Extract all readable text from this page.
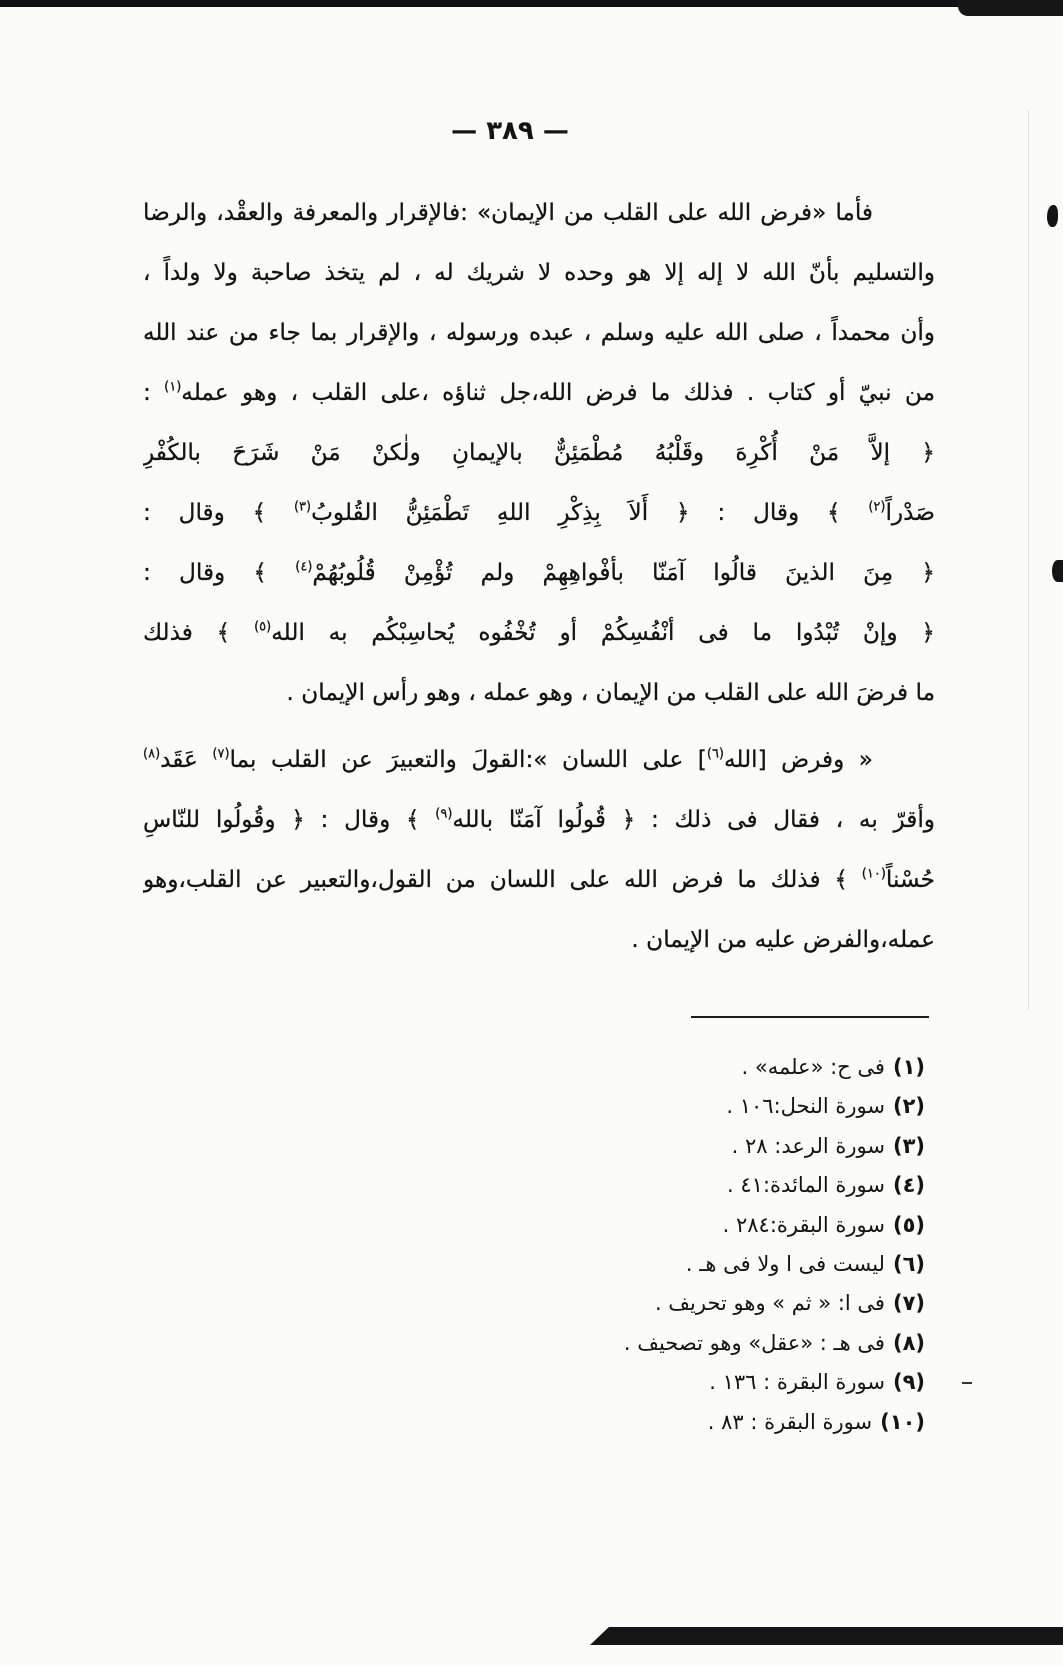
— ٣٨٩ —
فأما «فرض الله على القلب من الإيمان» :فالإقرار والمعرفة والعقْد، والرضا
والتسليم بأنّ الله لا إله إلا هو وحده لا شريك له ، لم يتخذ صاحبة ولا ولداً ،
وأن محمداً ، صلى الله عليه وسلم ، عبده ورسوله ، والإقرار بما جاء من عند الله
من نبيّ أو كتاب . فذلك ما فرض الله،جل ثناؤه ،على القلب ، وهو عمله$^{(١)}$ :
﴿ إلاَّ مَنْ أُكْرِهَ وقَلْبُهُ مُطْمَئِنٌّ بالإيمانِ ولٰكنْ مَنْ شَرَحَ بالكُفْرِ
صَدْراً$^{(٢)}$ ﴾ وقال : ﴿ أَلاَ بِذِكْرِ اللهِ تَطْمَئِنُّ القُلوبُ$^{(٣)}$ ﴾ وقال :
﴿ مِنَ الذينَ قالُوا آمَنّا بأفْواهِهِمْ ولم تُؤْمِنْ قُلُوبُهُمْ$^{(٤)}$ ﴾ وقال :
﴿ وإنْ تُبْدُوا ما فى أنْفُسِكُمْ أو تُخْفُوه يُحاسِبْكُم به الله$^{(٥)}$ ﴾ فذلك
ما فرضَ الله على القلب من الإيمان ، وهو عمله ، وهو رأس الإيمان .
« وفرض [الله$^{(٦)}$] على اللسان »:القولَ والتعبيرَ عن القلب بما$^{(٧)}$ عَقَد$^{(٨)}$
وأقرّ به ، فقال فى ذلك : ﴿ قُولُوا آمَنّا بالله$^{(٩)}$ ﴾ وقال : ﴿ وقُولُوا للنّاسِ
حُسْناً$^{(١٠)}$ ﴾ فذلك ما فرض الله على اللسان من القول،والتعبير عن القلب،وهو
عمله،والفرض عليه من الإيمان .
(١)فى ح: «علمه» .
(٢)سورة النحل:١٠٦ .
(٣)سورة الرعد: ٢٨ .
(٤)سورة المائدة:٤١ .
(٥)سورة البقرة:٢٨٤ .
(٦)ليست فى ا ولا فى هـ .
(٧)فى ا: « ثم » وهو تحريف .
(٨)فى هـ : «عقل» وهو تصحيف .
(٩)سورة البقرة : ١٣٦ .
(١٠)سورة البقرة : ٨٣ .
